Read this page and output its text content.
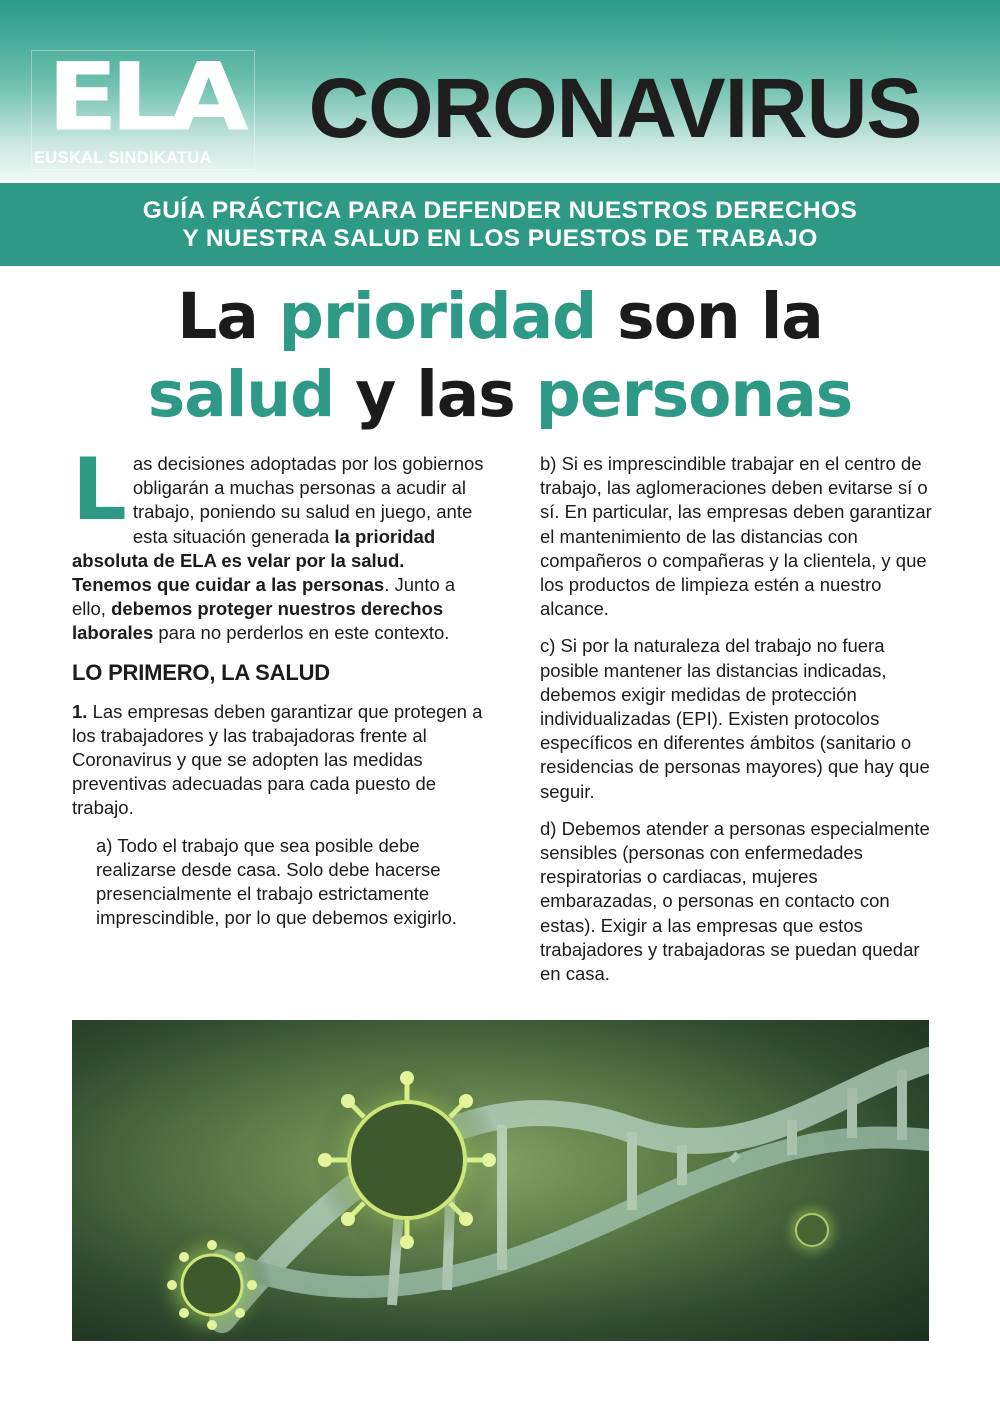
ELA
EUSKAL SINDIKATUA
CORONAVIRUS
GUÍA PRÁCTICA PARA DEFENDER NUESTROS DERECHOS
Y NUESTRA SALUD EN LOS PUESTOS DE TRABAJO
La prioridad son la
salud y las personas

Las decisiones adoptadas por los gobiernos obligarán a muchas personas a acudir al trabajo, poniendo su salud en juego, ante esta situación generada la prioridad absoluta de ELA es velar por la salud. Tenemos que cuidar a las personas. Junto a ello, debemos proteger nuestros derechos laborales para no perderlos en este contexto.

LO PRIMERO, LA SALUD

1. Las empresas deben garantizar que protegen a los trabajadores y las trabajadoras frente al Coronavirus y que se adopten las medidas preventivas adecuadas para cada puesto de trabajo.

a) Todo el trabajo que sea posible debe realizarse desde casa. Solo debe hacerse presencialmente el trabajo estrictamente imprescindible, por lo que debemos exigirlo.

b) Si es imprescindible trabajar en el centro de trabajo, las aglomeraciones deben evitarse sí o sí. En particular, las empresas deben garantizar el mantenimiento de las distancias con compañeros o compañeras y la clientela, y que los productos de limpieza estén a nuestro alcance.

c) Si por la naturaleza del trabajo no fuera posible mantener las distancias indicadas, debemos exigir medidas de protección individualizadas (EPI). Existen protocolos específicos en diferentes ámbitos (sanitario o residencias de personas mayores) que hay que seguir.

d) Debemos atender a personas especialmente sensibles (personas con enfermedades respiratorias o cardiacas, mujeres embarazadas, o personas en contacto con estas). Exigir a las empresas que estos trabajadores y trabajadoras se puedan quedar en casa.
